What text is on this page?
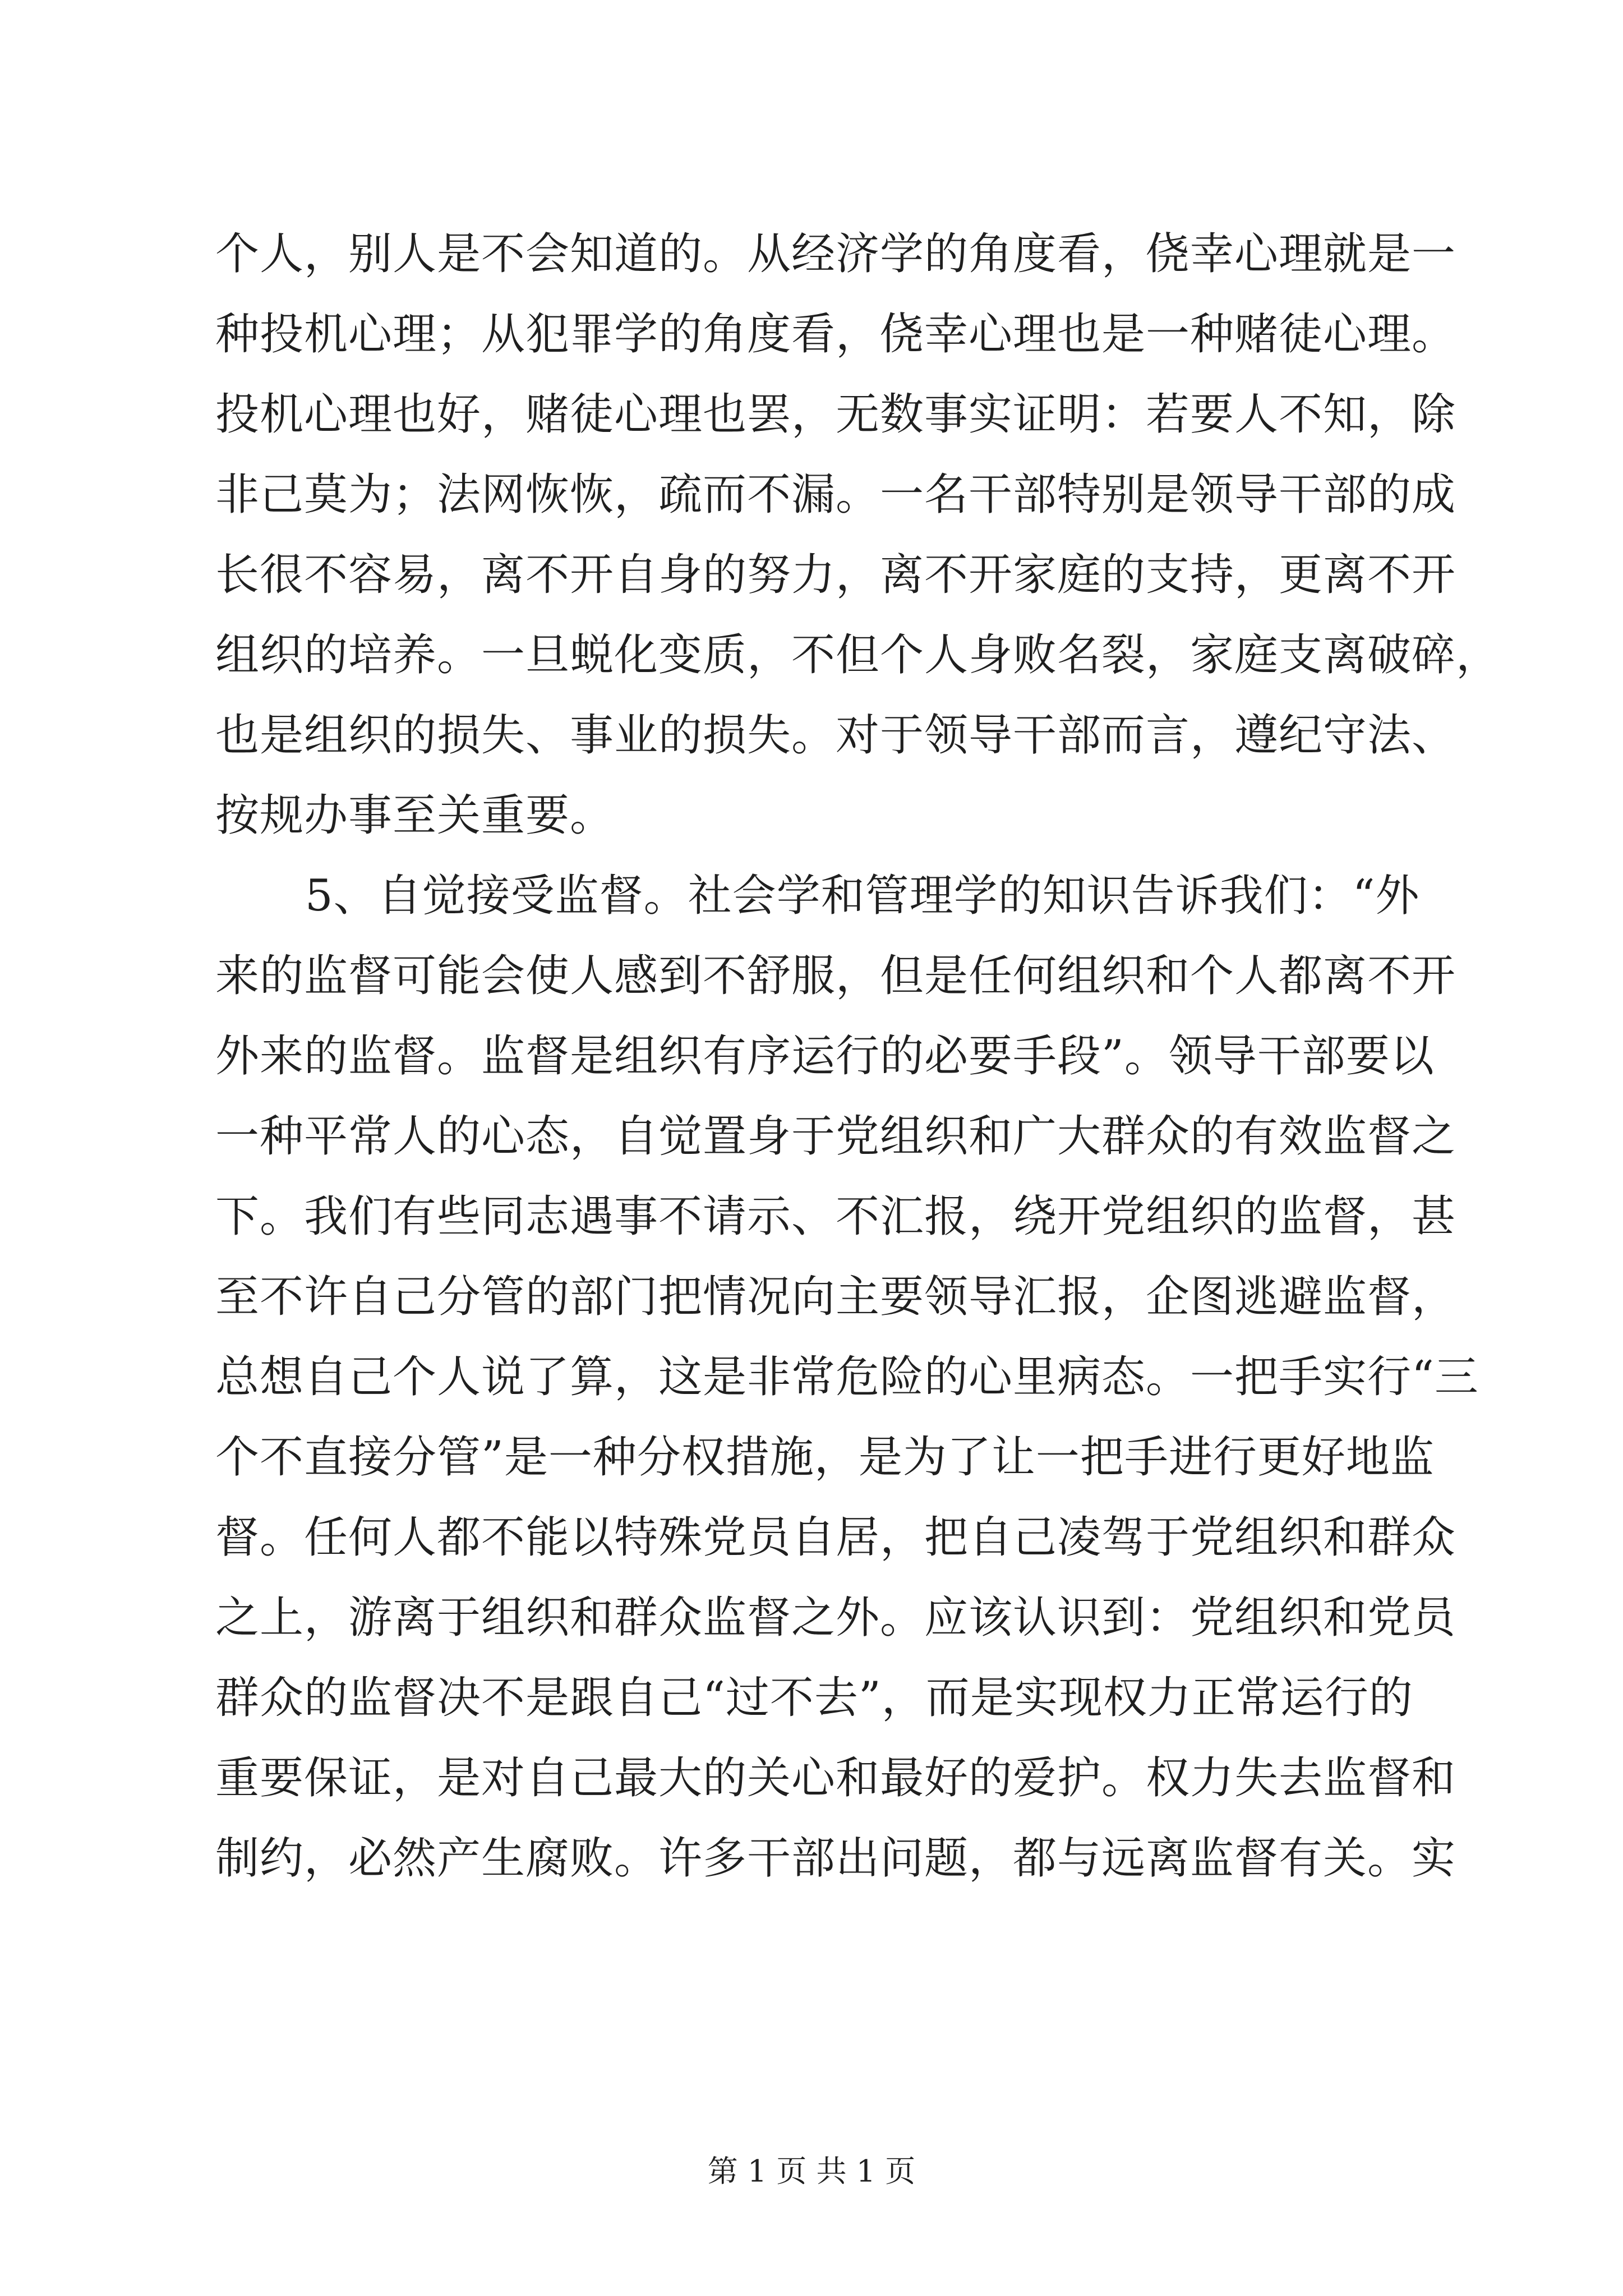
个人，别人是不会知道的。从经济学的角度看，侥幸心理就是一
种投机心理；从犯罪学的角度看，侥幸心理也是一种赌徒心理。
投机心理也好，赌徒心理也罢，无数事实证明：若要人不知，除
非己莫为；法网恢恢，疏而不漏。一名干部特别是领导干部的成
长很不容易，离不开自身的努力，离不开家庭的支持，更离不开
组织的培养。一旦蜕化变质，不但个人身败名裂，家庭支离破碎，
也是组织的损失、事业的损失。对于领导干部而言，遵纪守法、
按规办事至关重要。
5、自觉接受监督。社会学和管理学的知识告诉我们：“外
来的监督可能会使人感到不舒服，但是任何组织和个人都离不开
外来的监督。监督是组织有序运行的必要手段”。领导干部要以
一种平常人的心态，自觉置身于党组织和广大群众的有效监督之
下。我们有些同志遇事不请示、不汇报，绕开党组织的监督，甚
至不许自己分管的部门把情况向主要领导汇报，企图逃避监督，
总想自己个人说了算，这是非常危险的心里病态。一把手实行“三
个不直接分管”是一种分权措施，是为了让一把手进行更好地监
督。任何人都不能以特殊党员自居，把自己凌驾于党组织和群众
之上，游离于组织和群众监督之外。应该认识到：党组织和党员
群众的监督决不是跟自己“过不去”，而是实现权力正常运行的
重要保证，是对自己最大的关心和最好的爱护。权力失去监督和
制约，必然产生腐败。许多干部出问题，都与远离监督有关。实
第 1 页 共 1 页
